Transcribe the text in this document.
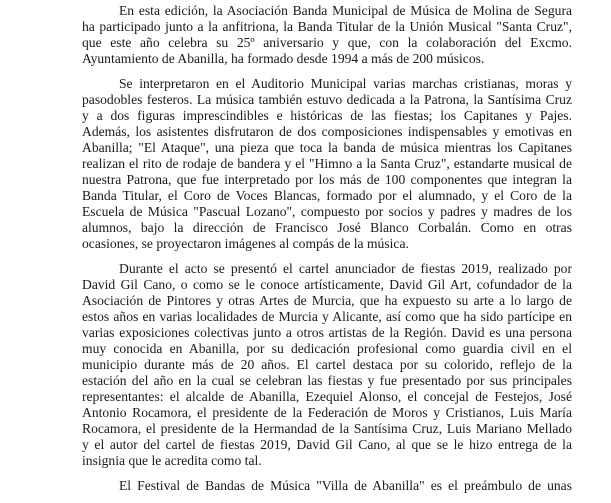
En esta edición, la Asociación Banda Municipal de Música de Molina de Segura
ha participado junto a la anfitriona, la Banda Titular de la Unión Musical "Santa Cruz",
que este año celebra su 25º aniversario y que, con la colaboración del Excmo.
Ayuntamiento de Abanilla, ha formado desde 1994 a más de 200 músicos.

Se interpretaron en el Auditorio Municipal varias marchas cristianas, moras y
pasodobles festeros. La música también estuvo dedicada a la Patrona, la Santísima Cruz
y a dos figuras imprescindibles e históricas de las fiestas; los Capitanes y Pajes.
Además, los asistentes disfrutaron de dos composiciones indispensables y emotivas en
Abanilla; "El Ataque", una pieza que toca la banda de música mientras los Capitanes
realizan el rito de rodaje de bandera y el "Himno a la Santa Cruz", estandarte musical de
nuestra Patrona, que fue interpretado por los más de 100 componentes que integran la
Banda Titular, el Coro de Voces Blancas, formado por el alumnado, y el Coro de la
Escuela de Música "Pascual Lozano", compuesto por socios y padres y madres de los
alumnos, bajo la dirección de Francisco José Blanco Corbalán. Como en otras
ocasiones, se proyectaron imágenes al compás de la música.

Durante el acto se presentó el cartel anunciador de fiestas 2019, realizado por
David Gil Cano, o como se le conoce artísticamente, David Gil Art, cofundador de la
Asociación de Pintores y otras Artes de Murcia, que ha expuesto su arte a lo largo de
estos años en varias localidades de Murcia y Alicante, así como que ha sido partícipe en
varias exposiciones colectivas junto a otros artistas de la Región. David es una persona
muy conocida en Abanilla, por su dedicación profesional como guardia civil en el
municipio durante más de 20 años. El cartel destaca por su colorido, reflejo de la
estación del año en la cual se celebran las fiestas y fue presentado por sus principales
representantes: el alcalde de Abanilla, Ezequiel Alonso, el concejal de Festejos, José
Antonio Rocamora, el presidente de la Federación de Moros y Cristianos, Luis María
Rocamora, el presidente de la Hermandad de la Santísima Cruz, Luis Mariano Mellado
y el autor del cartel de fiestas 2019, David Gil Cano, al que se le hizo entrega de la
insignia que le acredita como tal.

El Festival de Bandas de Música "Villa de Abanilla" es el preámbulo de unas
